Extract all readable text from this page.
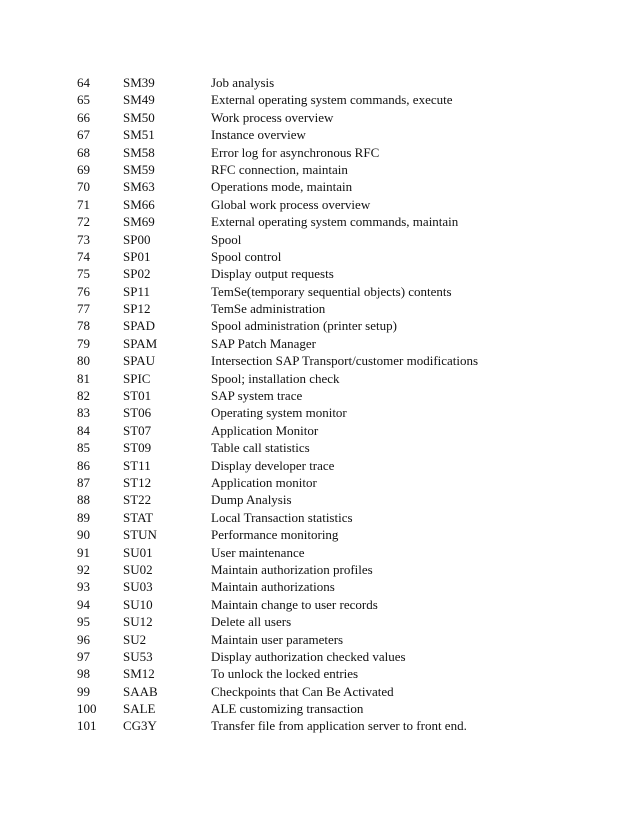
64	SM39	Job analysis
65	SM49	External operating system commands, execute
66	SM50	Work process overview
67	SM51	Instance overview
68	SM58	Error log for asynchronous RFC
69	SM59	RFC connection, maintain
70	SM63	Operations mode, maintain
71	SM66	Global work process overview
72	SM69	External operating system commands, maintain
73	SP00	Spool
74	SP01	Spool control
75	SP02	Display output requests
76	SP11	TemSe(temporary sequential objects) contents
77	SP12	TemSe administration
78	SPAD	Spool administration (printer setup)
79	SPAM	SAP Patch Manager
80	SPAU	Intersection SAP Transport/customer modifications
81	SPIC	Spool; installation check
82	ST01	SAP system trace
83	ST06	Operating system monitor
84	ST07	Application Monitor
85	ST09	Table call statistics
86	ST11	Display developer trace
87	ST12	Application monitor
88	ST22	Dump Analysis
89	STAT	Local Transaction statistics
90	STUN	Performance monitoring
91	SU01	User maintenance
92	SU02	Maintain authorization profiles
93	SU03	Maintain authorizations
94	SU10	Maintain change to user records
95	SU12	Delete all users
96	SU2	Maintain user parameters
97	SU53	Display authorization checked values
98	SM12	To unlock the locked entries
99	SAAB	Checkpoints that Can Be Activated
100 SALE	ALE customizing transaction
101 CG3Y	Transfer file from application server to front end.
